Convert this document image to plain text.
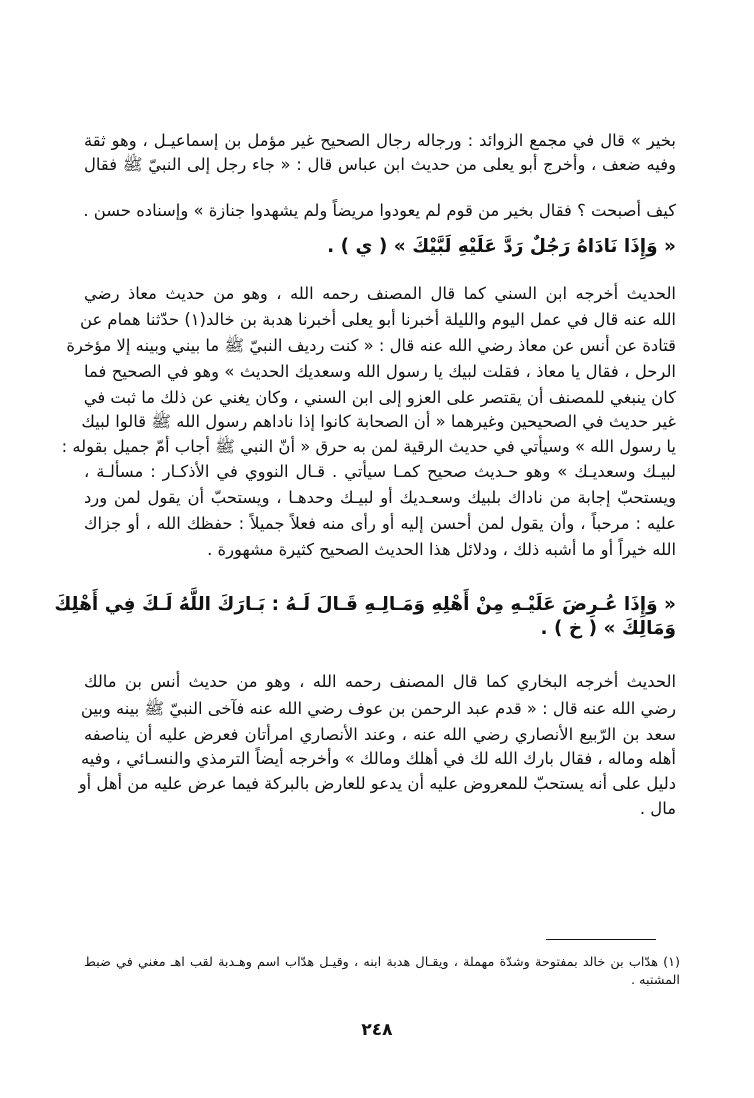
بخير » قال في مجمع الزوائد : ورجاله رجال الصحيح غير مؤمل بن إسماعيـل ، وهو ثقة
وفيه ضعف ، وأخرج أبو يعلى من حديث ابن عباس قال : « جاء رجل إلى النبيّ ﷺ فقال
كيف أصبحت ؟ فقال بخير من قوم لم يعودوا مريضاً ولم يشهدوا جنازة » وإسناده حسن .
« وَإِذَا نَادَاهُ رَجُلٌ رَدَّ عَلَيْهِ لَبَّيْكَ » ( ي ) .
الحديث أخرجه ابن السني كما قال المصنف رحمه الله ، وهو من حديث معاذ رضي
الله عنه قال في عمل اليوم والليلة أخبرنا أبو يعلى أخبرنا هدبة بن خالد(١) حدّثنا همام عن
قتادة عن أنس عن معاذ رضي الله عنه قال : « كنت رديف النبيّ ﷺ ما بيني وبينه إلا مؤخرة
الرحل ، فقال يا معاذ ، فقلت لبيك يا رسول الله وسعديك الحديث » وهو في الصحيح فما
كان ينبغي للمصنف أن يقتصر على العزو إلى ابن السني ، وكان يغني عن ذلك ما ثبت في
غير حديث في الصحيحين وغيرهما « أن الصحابة كانوا إذا ناداهم رسول الله ﷺ قالوا لبيك
يا رسول الله » وسيأتي في حديث الرقية لمن به حرق « أنّ النبي ﷺ أجاب أمّ جميل بقوله :
لبيـك وسعديـك » وهو حـديث صحيح كمـا سيأتي . قـال النووي في الأذكـار : مسألـة ،
ويستحبّ إجابة من ناداك بلبيك وسعـديك أو لبيـك وحدهـا ، ويستحبّ أن يقول لمن ورد
عليه : مرحباً ، وأن يقول لمن أحسن إليه أو رأى منه فعلاً جميلاً : حفظك الله ، أو جزاك
الله خيراً أو ما أشبه ذلك ، ودلائل هذا الحديث الصحيح كثيرة مشهورة .
« وَإِذَا عُـرِضَ عَلَيْـهِ مِنْ أَهْلِهِ وَمَـالِـهِ قَـالَ لَـهُ : بَـارَكَ اللَّهُ لَـكَ فِي أَهْلِكَ
وَمَالِكَ » ( خ ) .
الحديث أخرجه البخاري كما قال المصنف رحمه الله ، وهو من حديث أنس بن مالك
رضي الله عنه قال : « قدم عبد الرحمن بن عوف رضي الله عنه فآخى النبيّ ﷺ بينه وبين
سعد بن الرّبيع الأنصاري رضي الله عنه ، وعند الأنصاري امرأتان فعرض عليه أن يناصفه
أهله وماله ، فقال بارك الله لك في أهلك ومالك » وأخرجه أيضاً الترمذي والنسـائي ، وفيه
دليل على أنه يستحبّ للمعروض عليه أن يدعو للعارض بالبركة فيما عرض عليه من أهل أو
مال .
(١) هدّاب بن خالد بمفتوحة وشدّة مهملة ، ويقـال هدبة ابنه ، وقيـل هدّاب اسم وهـدبة لقب اهـ مغني في ضبط
المشتبه .
٢٤٨
